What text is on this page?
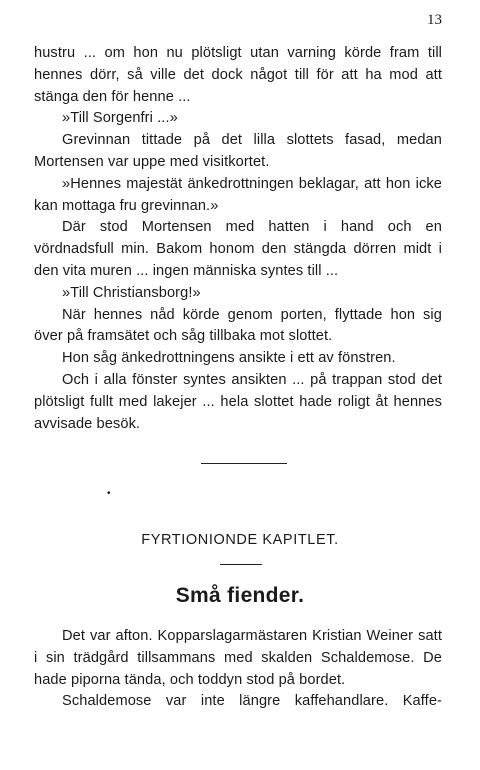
13

hustru ... om hon nu plötsligt utan varning körde fram till hennes dörr, så ville det dock något till för att ha mod att stänga den för henne ...

»Till Sorgenfri ...»

Grevinnan tittade på det lilla slottets fasad, medan Mortensen var uppe med visitkortet.

»Hennes majestät änkedrottningen beklagar, att hon icke kan mottaga fru grevinnan.»

Där stod Mortensen med hatten i hand och en vördnadsfull min. Bakom honom den stängda dörren midt i den vita muren ... ingen människa syntes till ...

»Till Christiansborg!»

När hennes nåd körde genom porten, flyttade hon sig över på framsätet och såg tillbaka mot slottet.

Hon såg änkedrottningens ansikte i ett av fönstren.

Och i alla fönster syntes ansikten ... på trappan stod det plötsligt fullt med lakejer ... hela slottet hade roligt åt hennes avvisade besök.

•
FYRTIONIONDE KAPITLET.
Små fiender.

Det var afton. Kopparslagarmästaren Kristian Weiner satt i sin trädgård tillsammans med skalden Schaldemose. De hade piporna tända, och toddyn stod på bordet.

Schaldemose var inte längre kaffehandlare. Kaffe-
